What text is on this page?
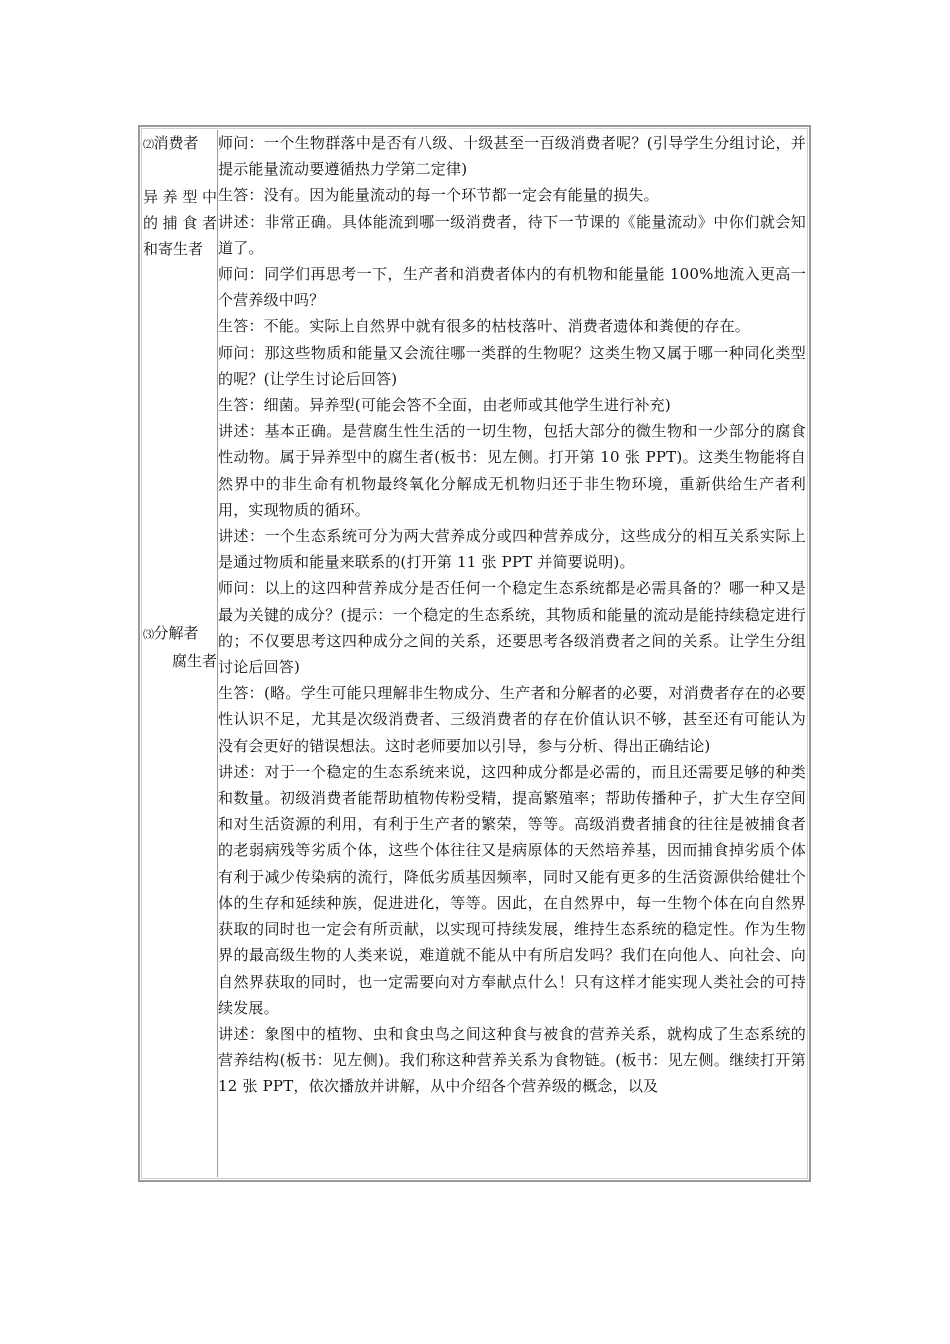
⑵消费者
异养型中
的捕食者
和寄生者
⑶分解者
腐生者

师问：一个生物群落中是否有八级、十级甚至一百级消费者呢？(引导学生分组讨论，并提示能量流动要遵循热力学第二定律)

生答：没有。因为能量流动的每一个环节都一定会有能量的损失。

讲述：非常正确。具体能流到哪一级消费者，待下一节课的《能量流动》中你们就会知道了。

师问：同学们再思考一下，生产者和消费者体内的有机物和能量能 100%地流入更高一个营养级中吗？

生答：不能。实际上自然界中就有很多的枯枝落叶、消费者遗体和粪便的存在。

师问：那这些物质和能量又会流往哪一类群的生物呢？这类生物又属于哪一种同化类型的呢？(让学生讨论后回答)

生答：细菌。异养型(可能会答不全面，由老师或其他学生进行补充)

讲述：基本正确。是营腐生性生活的一切生物，包括大部分的微生物和一少部分的腐食性动物。属于异养型中的腐生者(板书：见左侧。打开第 10 张 PPT)。这类生物能将自然界中的非生命有机物最终氧化分解成无机物归还于非生物环境，重新供给生产者利用，实现物质的循环。

讲述：一个生态系统可分为两大营养成分或四种营养成分，这些成分的相互关系实际上是通过物质和能量来联系的(打开第 11 张 PPT 并简要说明)。

师问：以上的这四种营养成分是否任何一个稳定生态系统都是必需具备的？哪一种又是最为关键的成分？(提示：一个稳定的生态系统，其物质和能量的流动是能持续稳定进行的；不仅要思考这四种成分之间的关系，还要思考各级消费者之间的关系。让学生分组讨论后回答)

生答：(略。学生可能只理解非生物成分、生产者和分解者的必要，对消费者存在的必要性认识不足，尤其是次级消费者、三级消费者的存在价值认识不够，甚至还有可能认为没有会更好的错误想法。这时老师要加以引导，参与分析、得出正确结论)

讲述：对于一个稳定的生态系统来说，这四种成分都是必需的，而且还需要足够的种类和数量。初级消费者能帮助植物传粉受精，提高繁殖率；帮助传播种子，扩大生存空间和对生活资源的利用，有利于生产者的繁荣，等等。高级消费者捕食的往往是被捕食者的老弱病残等劣质个体，这些个体往往又是病原体的天然培养基，因而捕食掉劣质个体有利于减少传染病的流行，降低劣质基因频率，同时又能有更多的生活资源供给健壮个体的生存和延续种族，促进进化，等等。因此，在自然界中，每一生物个体在向自然界获取的同时也一定会有所贡献，以实现可持续发展，维持生态系统的稳定性。作为生物界的最高级生物的人类来说，难道就不能从中有所启发吗？我们在向他人、向社会、向自然界获取的同时，也一定需要向对方奉献点什么！只有这样才能实现人类社会的可持续发展。

讲述：象图中的植物、虫和食虫鸟之间这种食与被食的营养关系，就构成了生态系统的营养结构(板书：见左侧)。我们称这种营养关系为食物链。(板书：见左侧。继续打开第 12 张 PPT，依次播放并讲解，从中介绍各个营养级的概念，以及
